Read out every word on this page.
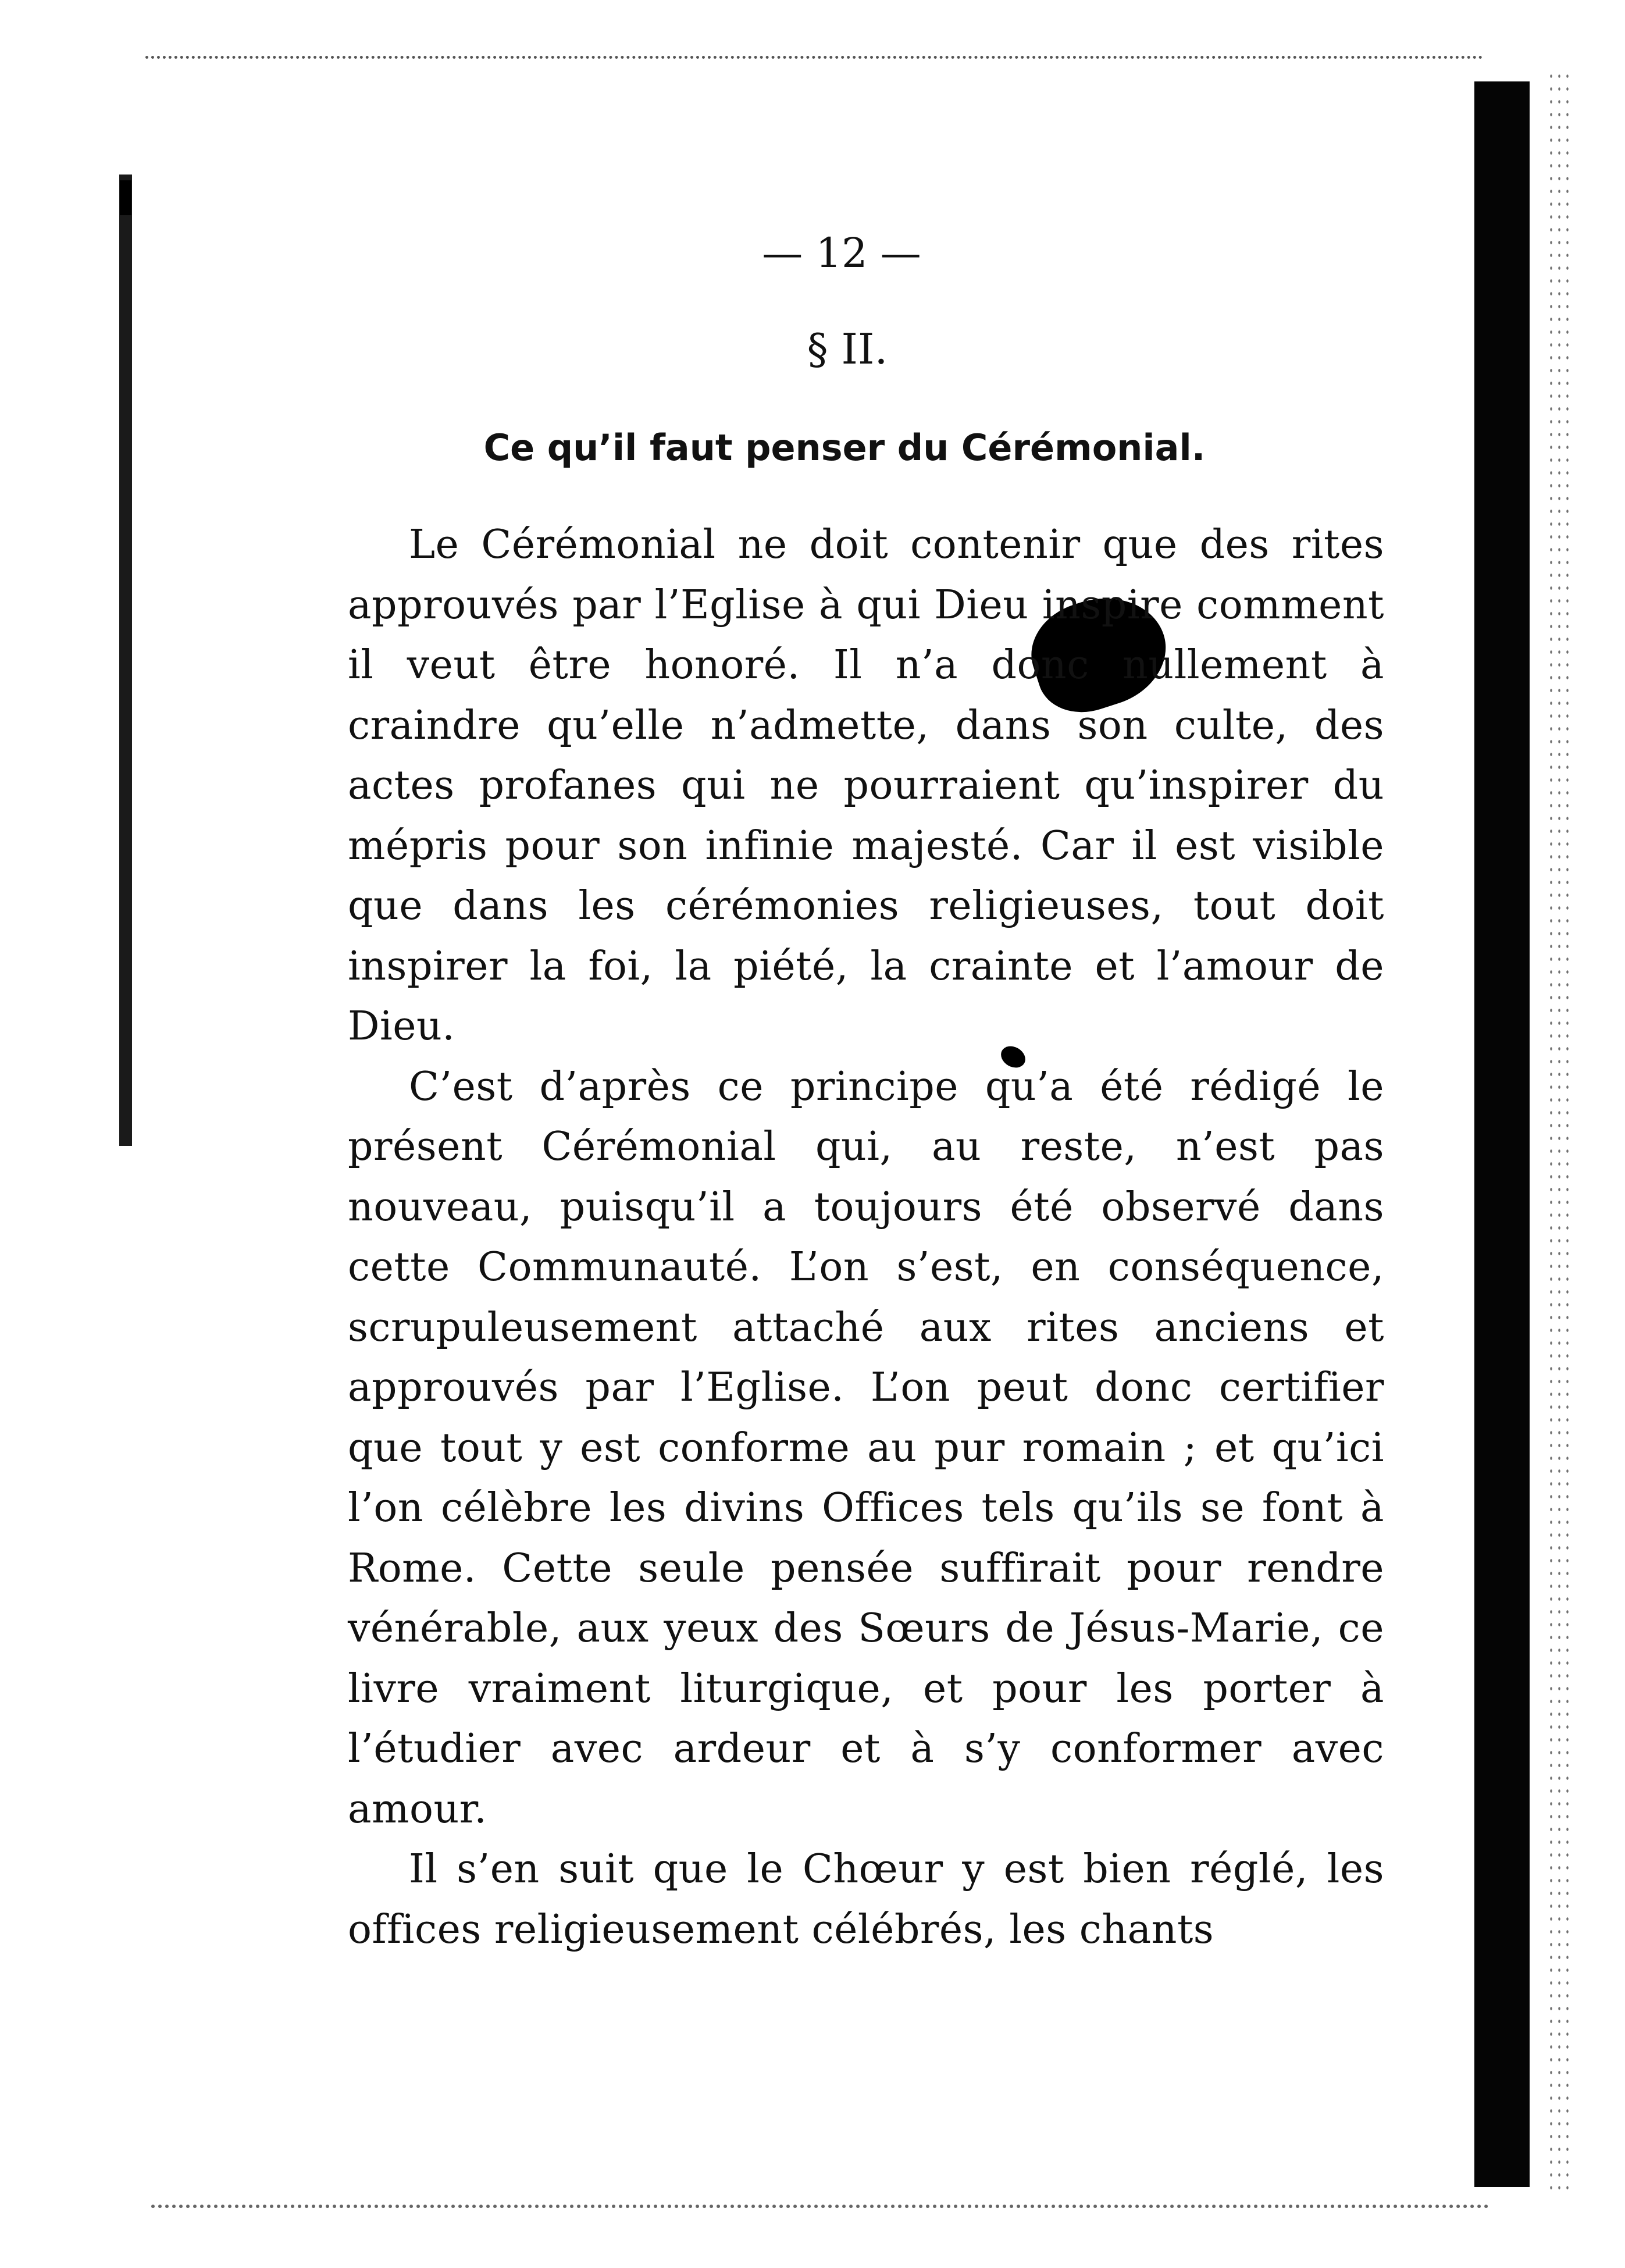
— 12 —
§ II.
Ce qu’il faut penser du Cérémonial.

Le Cérémonial ne doit contenir que des rites approuvés par l’Eglise à qui Dieu inspire comment il veut être honoré. Il n’a donc nullement à craindre qu’elle n’admette, dans son culte, des actes profanes qui ne pourraient qu’inspirer du mépris pour son infinie majesté. Car il est visible que dans les cérémonies religieuses, tout doit inspirer la foi, la piété, la crainte et l’amour de Dieu.

C’est d’après ce principe qu’a été rédigé le présent Cérémonial qui, au reste, n’est pas nouveau, puisqu’il a toujours été observé dans cette Communauté. L’on s’est, en conséquence, scrupuleusement attaché aux rites anciens et approuvés par l’Eglise. L’on peut donc certifier que tout y est conforme au pur romain ; et qu’ici l’on célèbre les divins Offices tels qu’ils se font à Rome. Cette seule pensée suffirait pour rendre vénérable, aux yeux des Sœurs de Jésus-Marie, ce livre vraiment liturgique, et pour les porter à l’étudier avec ardeur et à s’y conformer avec amour.

Il s’en suit que le Chœur y est bien réglé, les offices religieusement célébrés, les chants
